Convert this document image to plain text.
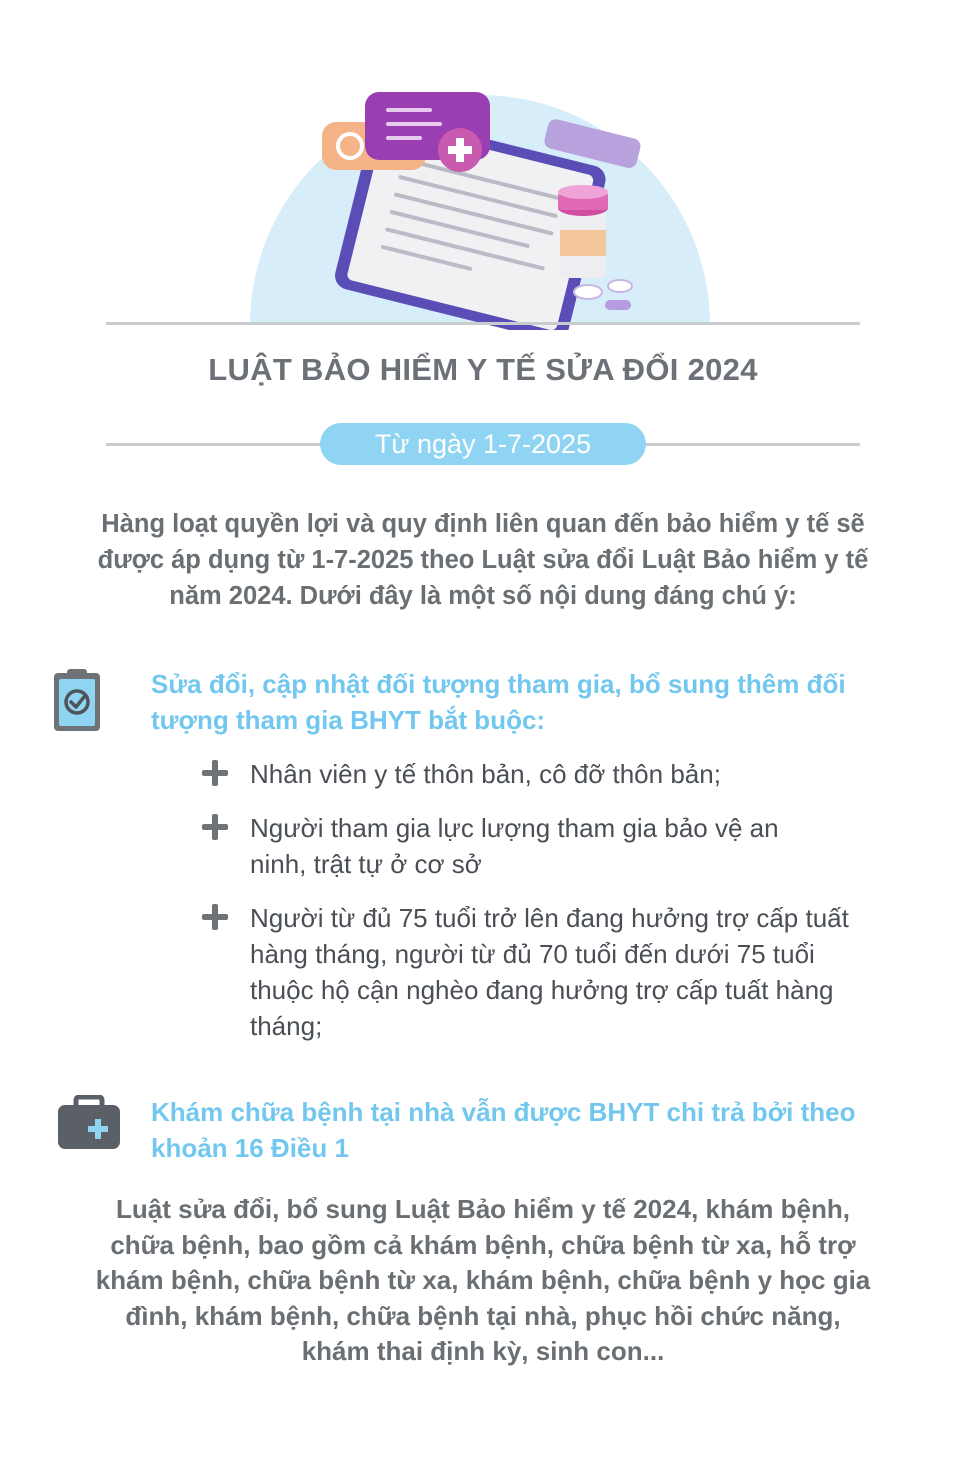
LUẬT BẢO HIỂM Y TẾ SỬA ĐỔI 2024
Từ ngày 1-7-2025
Hàng loạt quyền lợi và quy định liên quan đến bảo hiểm y tế sẽ được áp dụng từ 1-7-2025 theo Luật sửa đổi Luật Bảo hiểm y tế năm 2024. Dưới đây là một số nội dung đáng chú ý:
Sửa đổi, cập nhật đối tượng tham gia, bổ sung thêm đối tượng tham gia BHYT bắt buộc:
Nhân viên y tế thôn bản, cô đỡ thôn bản;
Người tham gia lực lượng tham gia bảo vệ an ninh, trật tự ở cơ sở
Người từ đủ 75 tuổi trở lên đang hưởng trợ cấp tuất hàng tháng, người từ đủ 70 tuổi đến dưới 75 tuổi thuộc hộ cận nghèo đang hưởng trợ cấp tuất hàng tháng;
Khám chữa bệnh tại nhà vẫn được BHYT chi trả bởi theo khoản 16 Điều 1
Luật sửa đổi, bổ sung Luật Bảo hiểm y tế 2024, khám bệnh, chữa bệnh, bao gồm cả khám bệnh, chữa bệnh từ xa, hỗ trợ khám bệnh, chữa bệnh từ xa, khám bệnh, chữa bệnh y học gia đình, khám bệnh, chữa bệnh tại nhà, phục hồi chức năng, khám thai định kỳ, sinh con...
